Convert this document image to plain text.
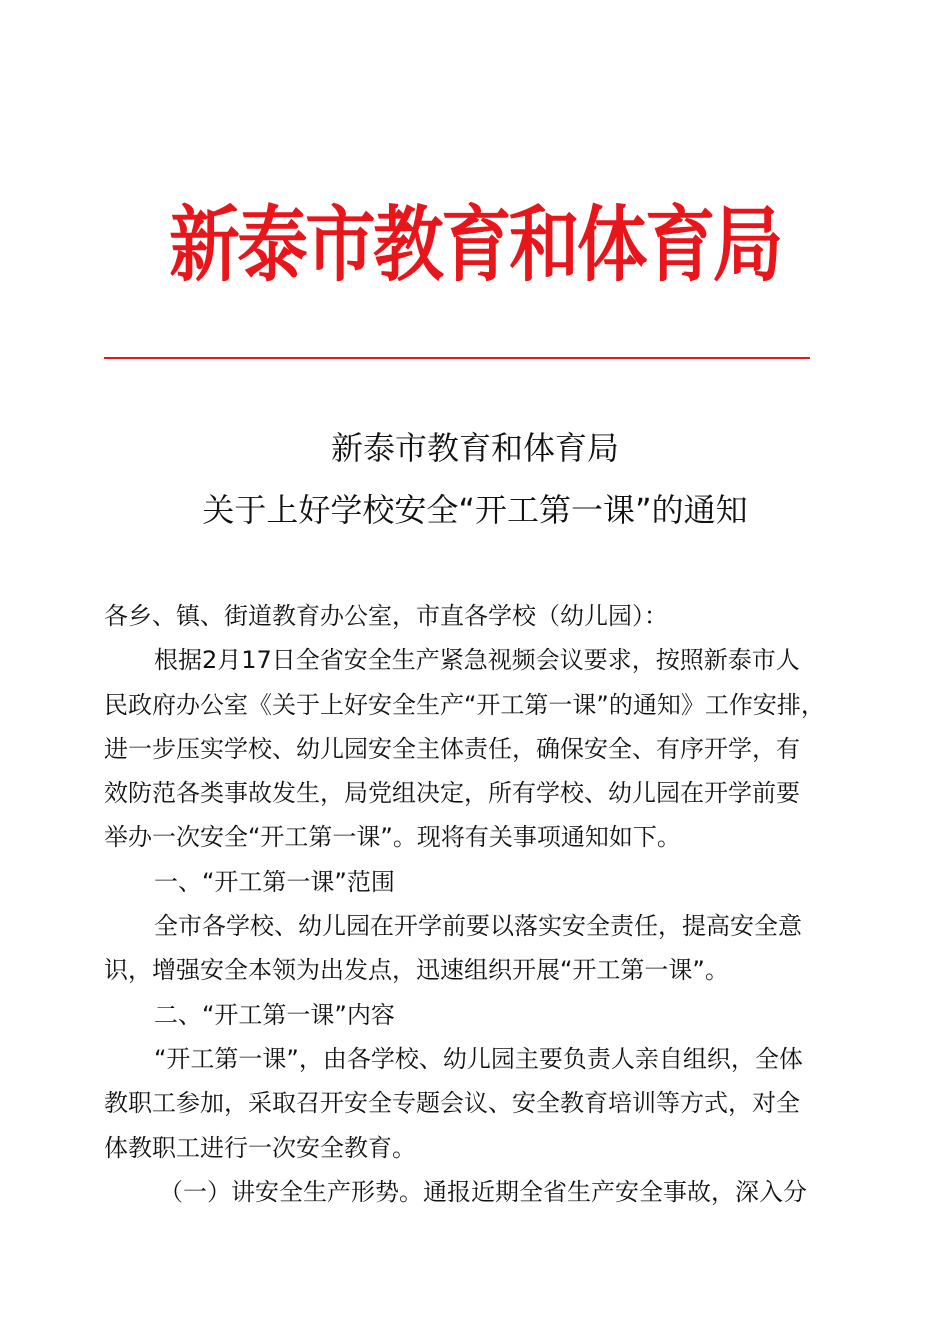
新泰市教育和体育局
新泰市教育和体育局
关于上好学校安全“开工第一课”的通知
各乡、镇、街道教育办公室，市直各学校（幼儿园）：
根据2月17日全省安全生产紧急视频会议要求，按照新泰市人
民政府办公室《关于上好安全生产“开工第一课”的通知》工作安排，
进一步压实学校、幼儿园安全主体责任，确保安全、有序开学，有
效防范各类事故发生，局党组决定，所有学校、幼儿园在开学前要
举办一次安全“开工第一课”。现将有关事项通知如下。
一、“开工第一课”范围
全市各学校、幼儿园在开学前要以落实安全责任，提高安全意
识，增强安全本领为出发点，迅速组织开展“开工第一课”。
二、“开工第一课”内容
“开工第一课”，由各学校、幼儿园主要负责人亲自组织，全体
教职工参加，采取召开安全专题会议、安全教育培训等方式，对全
体教职工进行一次安全教育。
（一）讲安全生产形势。通报近期全省生产安全事故，深入分
